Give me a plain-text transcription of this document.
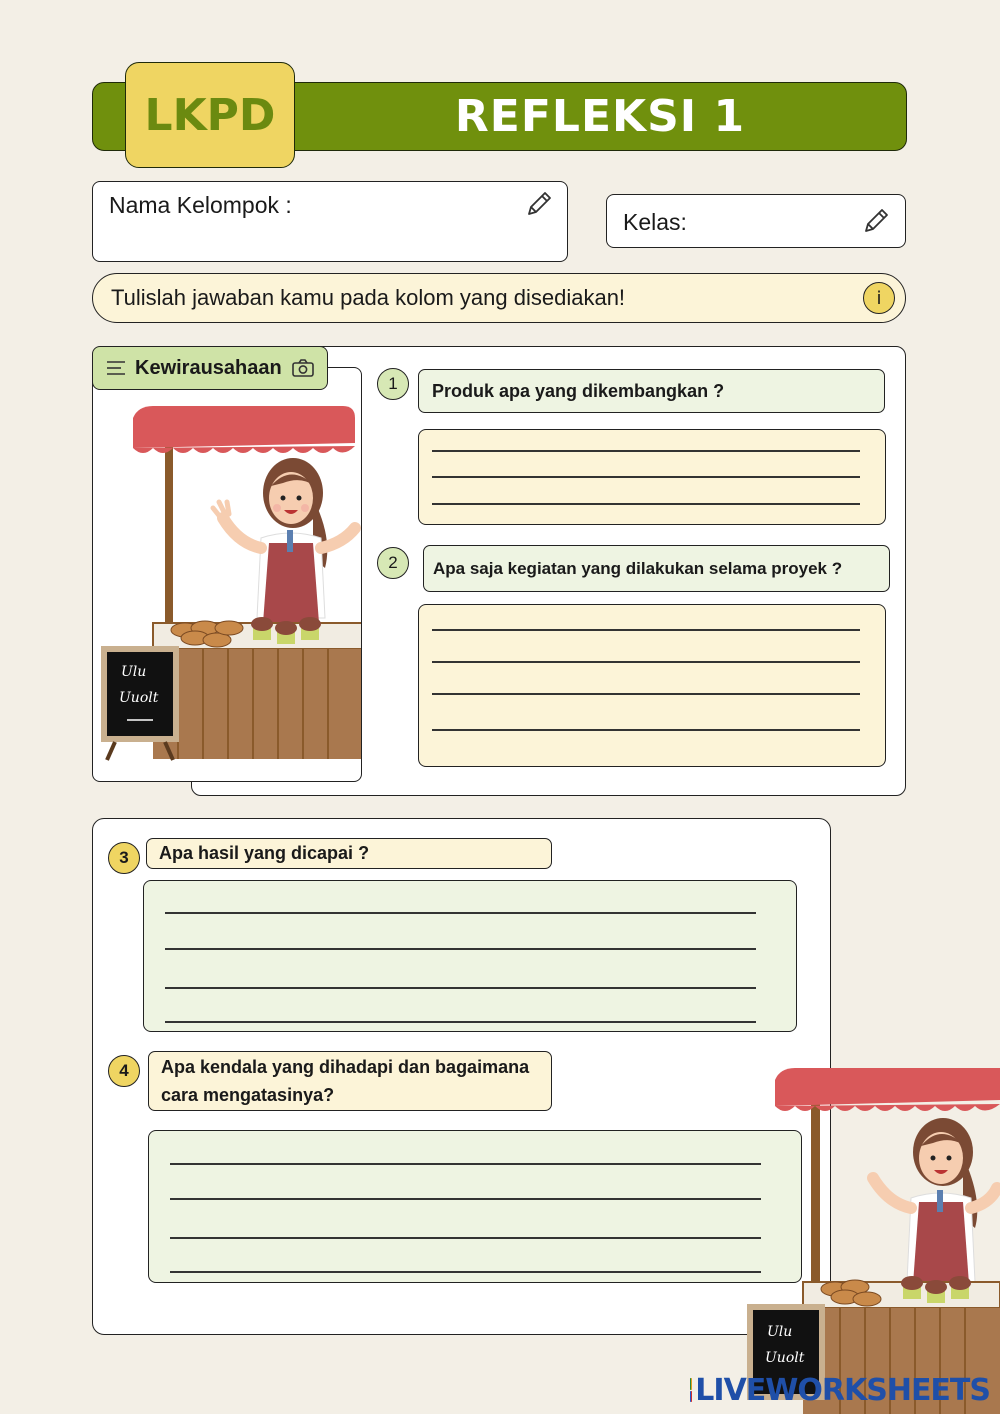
REFLEKSI 1
LKPD
Nama Kelompok :
Kelas:
Tulislah jawaban kamu pada kolom yang disediakan!	i
Ulu
Uuolt
Kewirausahaan
1	Produk apa yang dikembangkan ?
2	Apa saja kegiatan yang dilakukan selama proyek ?
3	Apa hasil yang dicapai ?
4	Apa kendala yang dihadapi dan bagaimana cara mengatasinya?
Ulu
Uuolt
LIVEWORKSHEETS
